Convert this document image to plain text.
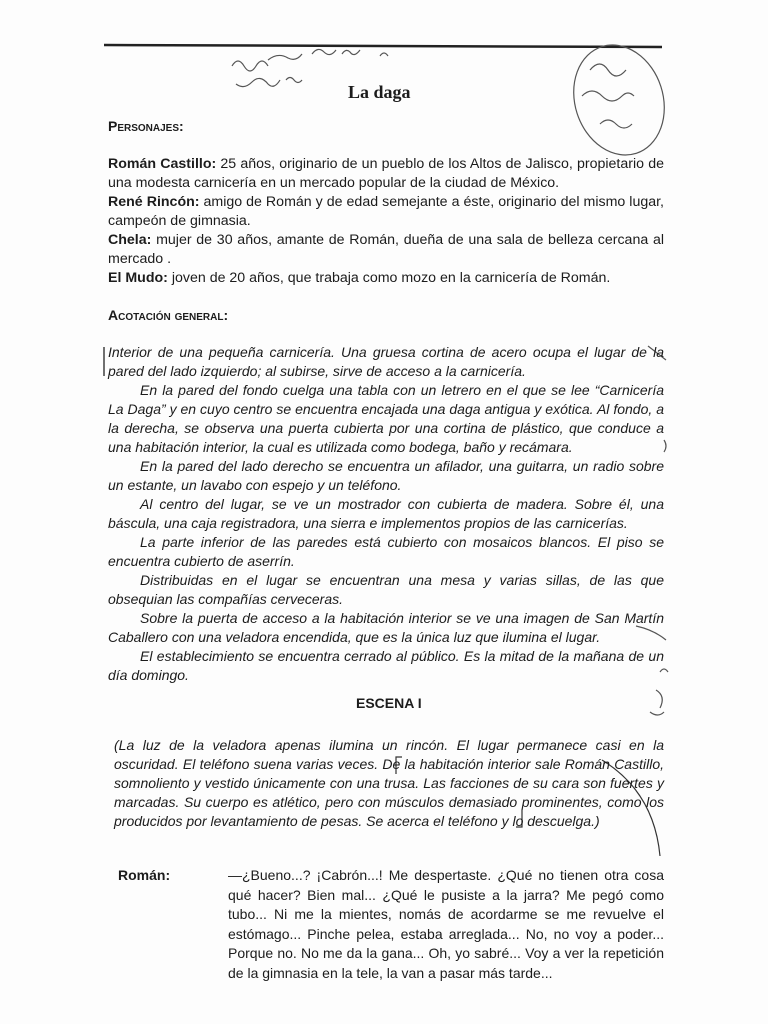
La daga
Personajes:
Román Castillo: 25 años, originario de un pueblo de los Altos de Jalisco, propietario de una modesta carnicería en un mercado popular de la ciudad de México.
René Rincón: amigo de Román y de edad semejante a éste, originario del mismo lugar, campeón de gimnasia.
Chela: mujer de 30 años, amante de Román, dueña de una sala de belleza cercana al mercado .
El Mudo: joven de 20 años, que trabaja como mozo en la carnicería de Román.
Acotación general:

Interior de una pequeña carnicería. Una gruesa cortina de acero ocupa el lugar de la pared del lado izquierdo; al subirse, sirve de acceso a la carnicería.

En la pared del fondo cuelga una tabla con un letrero en el que se lee “Carnicería La Daga” y en cuyo centro se encuentra encajada una daga antigua y exótica. Al fondo, a la derecha, se observa una puerta cubierta por una cortina de plástico, que conduce a una habitación interior, la cual es utilizada como bodega, baño y recámara.

En la pared del lado derecho se encuentra un afilador, una guitarra, un radio sobre un estante, un lavabo con espejo y un teléfono.

Al centro del lugar, se ve un mostrador con cubierta de madera. Sobre él, una báscula, una caja registradora, una sierra e implementos propios de las carnicerías.

La parte inferior de las paredes está cubierto con mosaicos blancos. El piso se encuentra cubierto de aserrín.

Distribuidas en el lugar se encuentran una mesa y varias sillas, de las que obsequian las compañías cerveceras.

Sobre la puerta de acceso a la habitación interior se ve una imagen de San Martín Caballero con una veladora encendida, que es la única luz que ilumina el lugar.

El establecimiento se encuentra cerrado al público. Es la mitad de la mañana de un día domingo.

ESCENA I

(La luz de la veladora apenas ilumina un rincón. El lugar permanece casi en la oscuridad. El teléfono suena varias veces. De la habitación interior sale Román Castillo, somnoliento y vestido únicamente con una trusa. Las facciones de su cara son fuertes y marcadas. Su cuerpo es atlético, pero con músculos demasiado prominentes, como los producidos por levantamiento de pesas. Se acerca el teléfono y lo descuelga.)

Román:	—¿Bueno...? ¡Cabrón...! Me despertaste. ¿Qué no tienen otra cosa qué hacer? Bien mal... ¿Qué le pusiste a la jarra? Me pegó como tubo... Ni me la mientes, nomás de acordarme se me revuelve el estómago... Pinche pelea, estaba arreglada... No, no voy a poder... Porque no. No me da la gana... Oh, yo sabré... Voy a ver la repetición de la gimnasia en la tele, la van a pasar más tarde...
